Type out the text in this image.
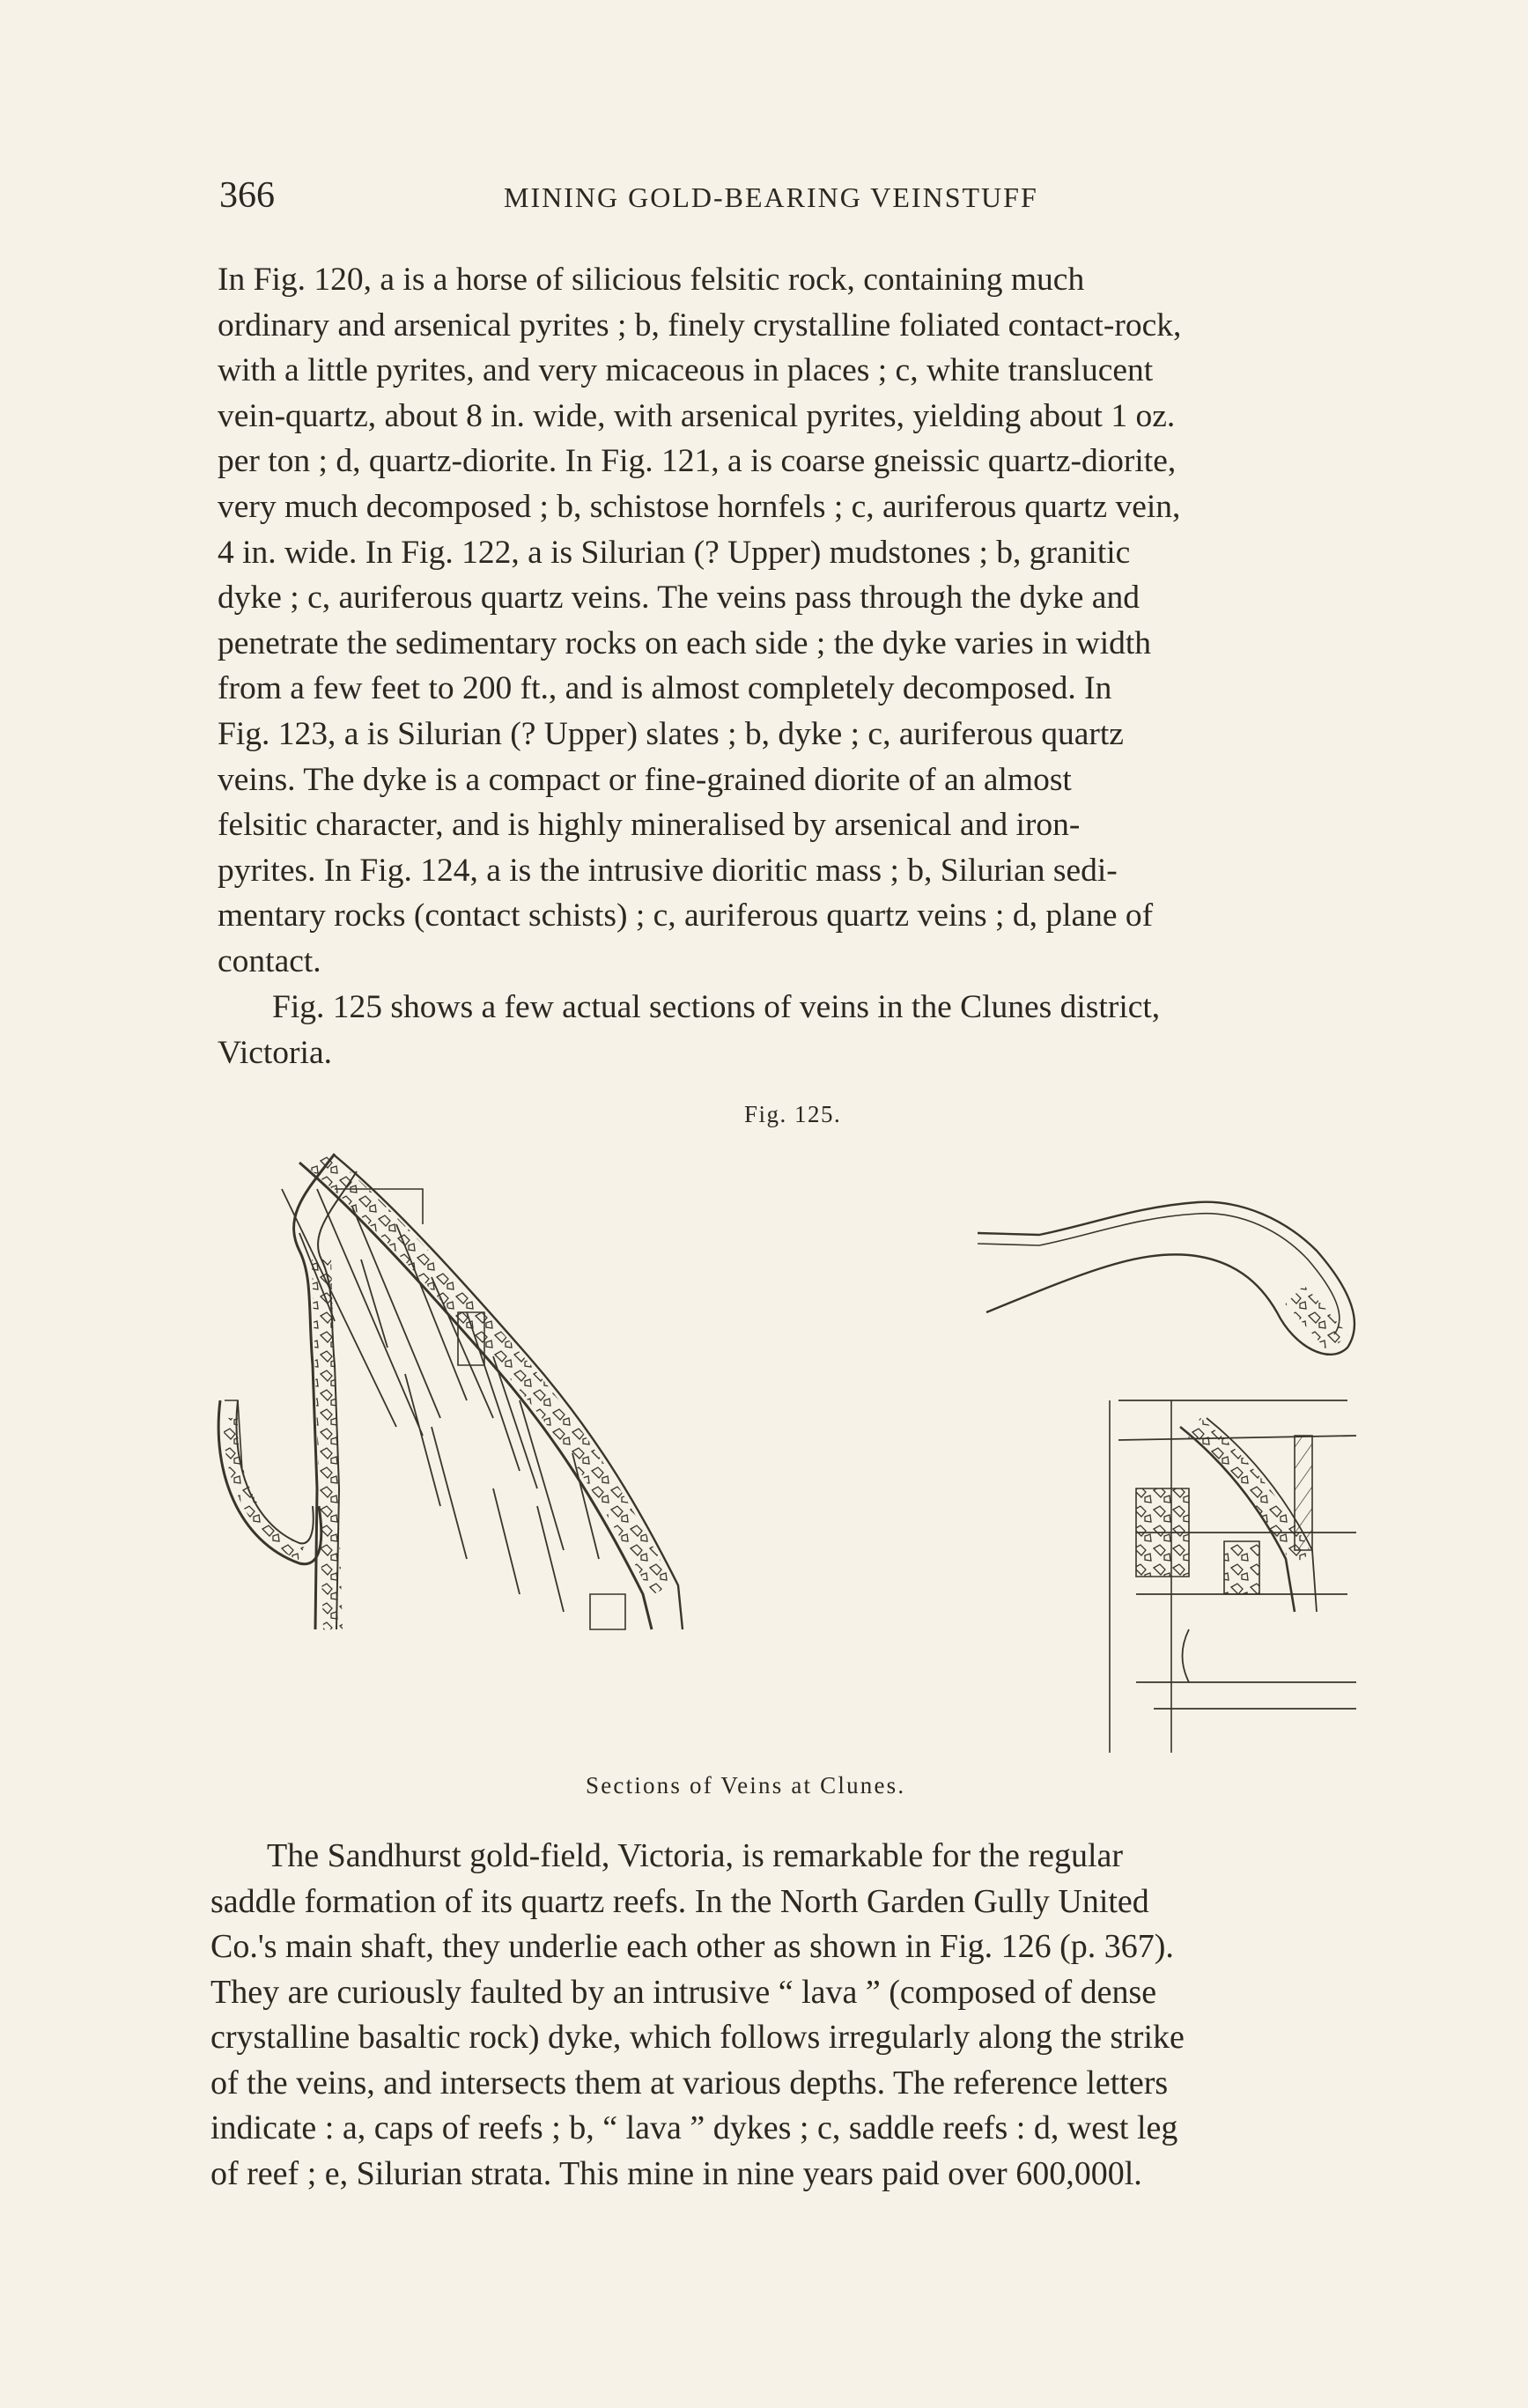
366	MINING GOLD-BEARING VEINSTUFF

In Fig. 120, a is a horse of silicious felsitic rock, containing much

ordinary and arsenical pyrites ; b, finely crystalline foliated contact-rock,

with a little pyrites, and very micaceous in places ; c, white translucent

vein-quartz, about 8 in. wide, with arsenical pyrites, yielding about 1 oz.

per ton ; d, quartz-diorite. In Fig. 121, a is coarse gneissic quartz-diorite,

very much decomposed ; b, schistose hornfels ; c, auriferous quartz vein,

4 in. wide. In Fig. 122, a is Silurian (? Upper) mudstones ; b, granitic

dyke ; c, auriferous quartz veins. The veins pass through the dyke and

penetrate the sedimentary rocks on each side ; the dyke varies in width

from a few feet to 200 ft., and is almost completely decomposed. In

Fig. 123, a is Silurian (? Upper) slates ; b, dyke ; c, auriferous quartz

veins. The dyke is a compact or fine-grained diorite of an almost

felsitic character, and is highly mineralised by arsenical and iron-

pyrites. In Fig. 124, a is the intrusive dioritic mass ; b, Silurian sedi-

mentary rocks (contact schists) ; c, auriferous quartz veins ; d, plane of

contact.

Fig. 125 shows a few actual sections of veins in the Clunes district,

Victoria.

Fig. 125.
Sections of Veins at Clunes.

The Sandhurst gold-field, Victoria, is remarkable for the regular

saddle formation of its quartz reefs. In the North Garden Gully United

Co.'s main shaft, they underlie each other as shown in Fig. 126 (p. 367).

They are curiously faulted by an intrusive “ lava ” (composed of dense

crystalline basaltic rock) dyke, which follows irregularly along the strike

of the veins, and intersects them at various depths. The reference letters

indicate : a, caps of reefs ; b, “ lava ” dykes ; c, saddle reefs : d, west leg

of reef ; e, Silurian strata. This mine in nine years paid over 600,000l.
